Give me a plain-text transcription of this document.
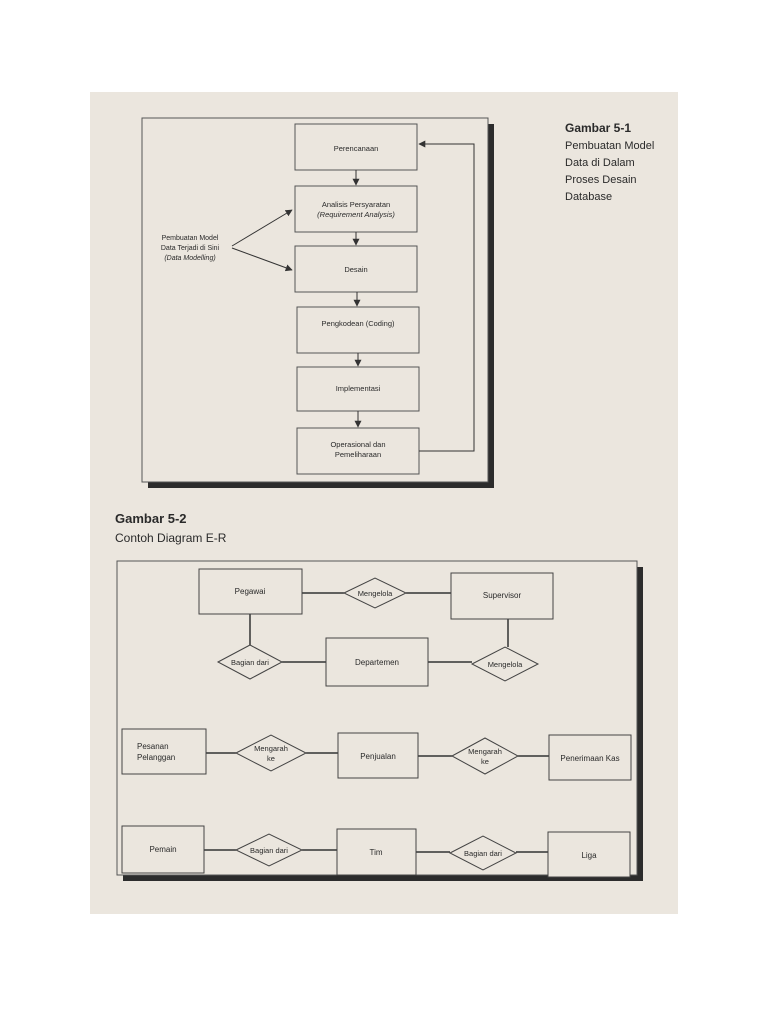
Perencanaan
Analisis Persyaratan
(Requirement Analysis)
Desain
Pengkodean (Coding)
Implementasi
Operasional dan
Pemeliharaan
Pembuatan Model
Data Terjadi di Sini
(Data Modelling)
Gambar 5-1
Pembuatan Model
Data di Dalam
Proses Desain
Database
Gambar 5-2
Contoh Diagram E-R
Pegawai	Supervisor
Departemen
Pesanan
Pelanggan	Penjualan	Penerimaan Kas
Pemain	Tim	Liga
Mengelola
Bagian dari	Mengelola
Mengarah
ke
Mengarah
ke
Bagian dari	Bagian dari
